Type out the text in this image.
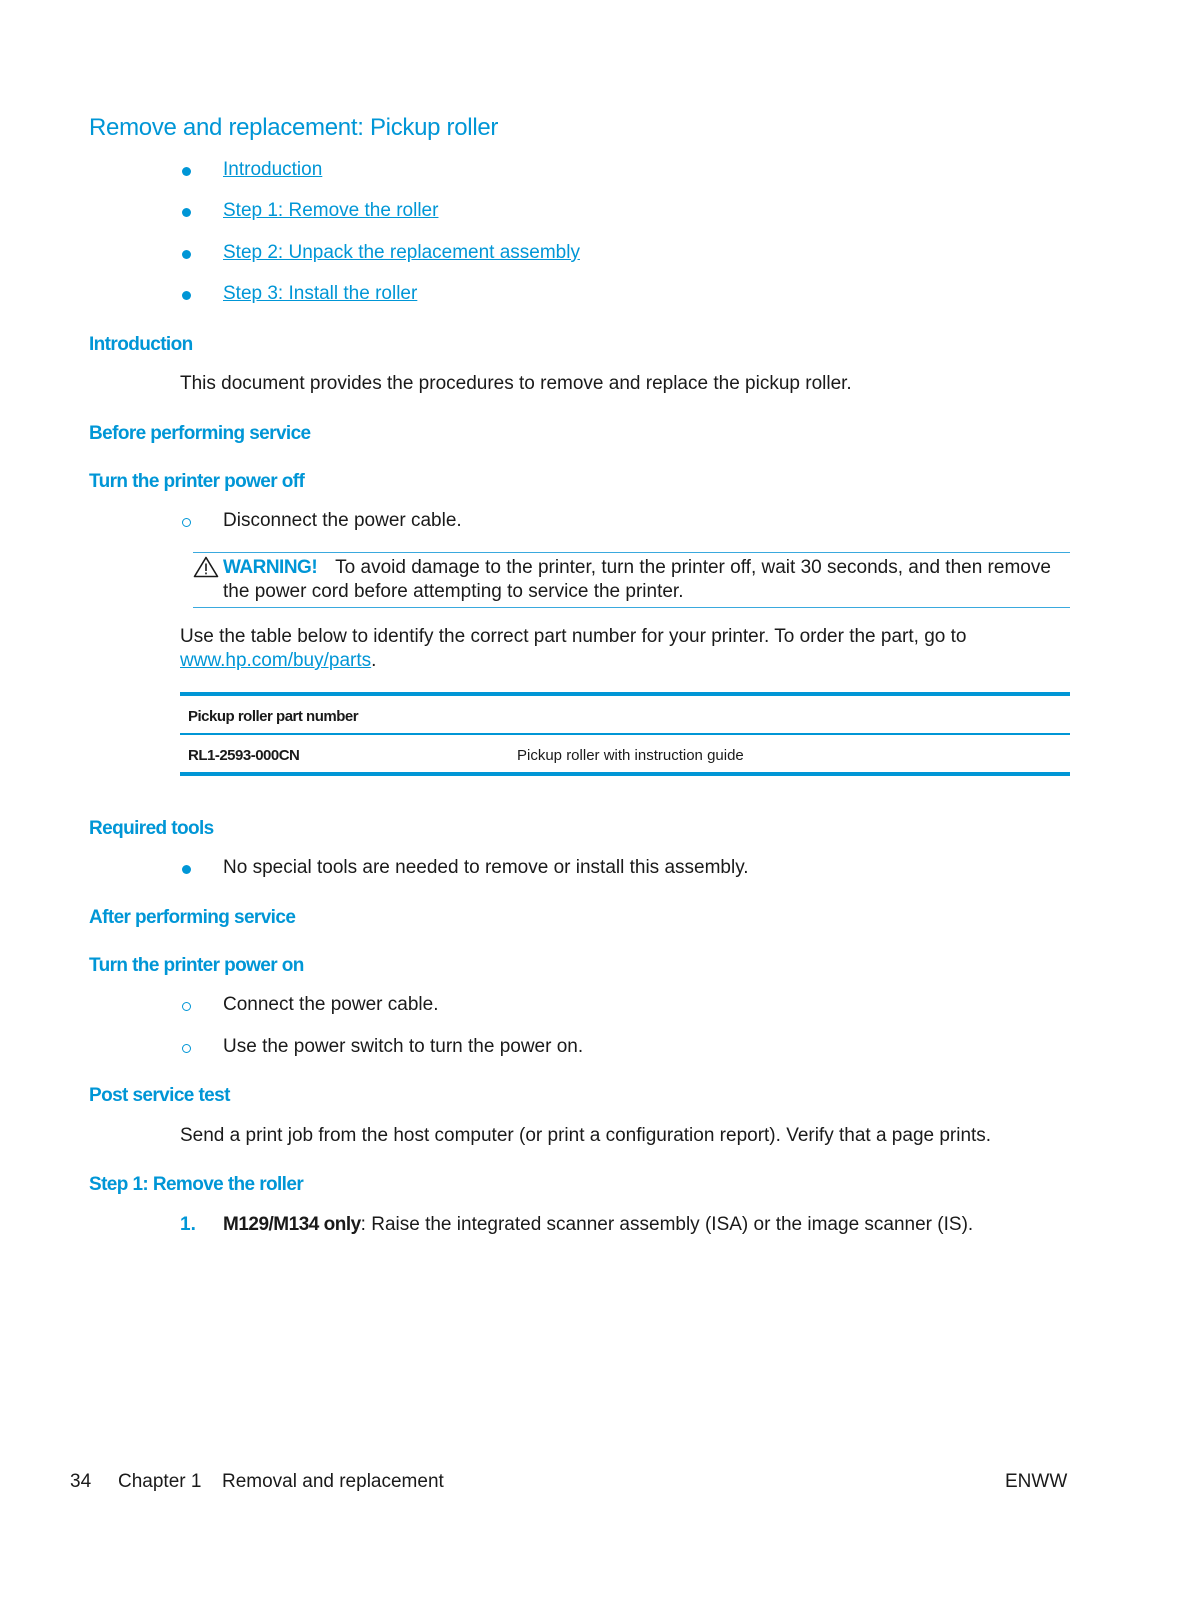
Remove and replacement: Pickup roller
Introduction
Step 1: Remove the roller
Step 2: Unpack the replacement assembly
Step 3: Install the roller
Introduction
This document provides the procedures to remove and replace the pickup roller.
Before performing service
Turn the printer power off
Disconnect the power cable.
WARNING! To avoid damage to the printer, turn the printer off, wait 30 seconds, and then remove the power cord before attempting to service the printer.
Use the table below to identify the correct part number for your printer. To order the part, go to
www.hp.com/buy/parts.
Pickup roller part number
RL1-2593-000CN	Pickup roller with instruction guide
Required tools
No special tools are needed to remove or install this assembly.
After performing service
Turn the printer power on
Connect the power cable.
Use the power switch to turn the power on.
Post service test
Send a print job from the host computer (or print a configuration report). Verify that a page prints.
Step 1: Remove the roller
1. M129/M134 only: Raise the integrated scanner assembly (ISA) or the image scanner (IS).
34 Chapter 1 Removal and replacement	ENWW
